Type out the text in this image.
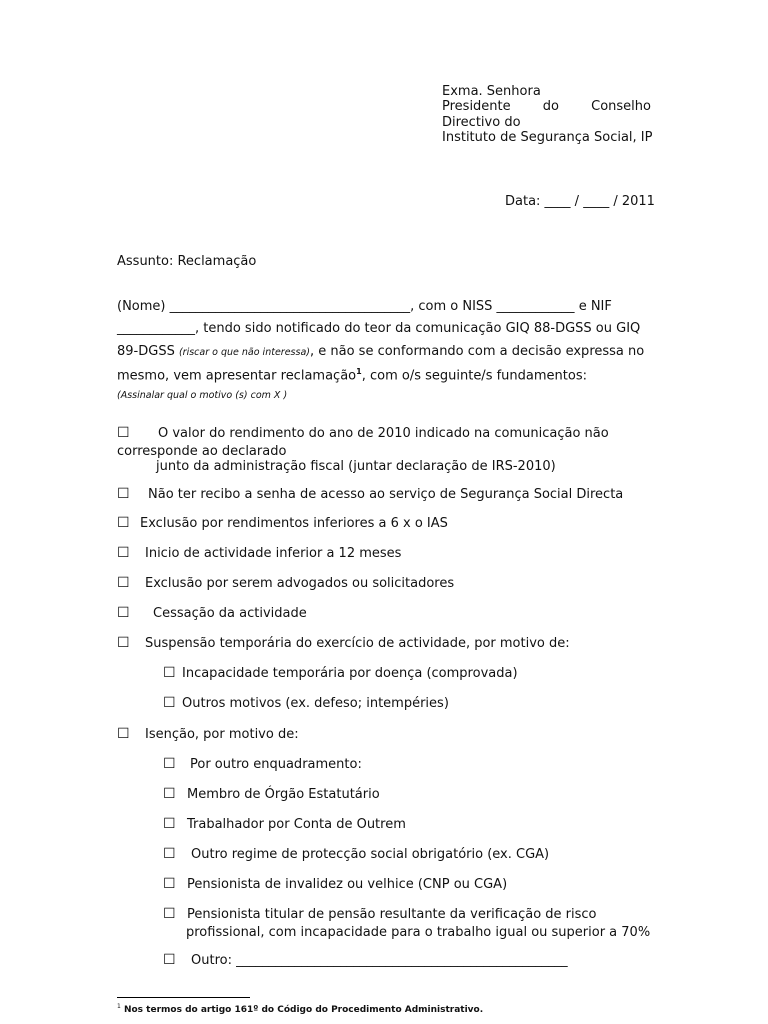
Exma. Senhora
Presidente do Conselho
Directivo do
Instituto de Segurança Social, IP
Data: ____ / ____ / 2011
Assunto: Reclamação
(Nome) _____________________________________, com o NISS ____________ e NIF
____________, tendo sido notificado do teor da comunicação GIQ 88-DGSS ou GIQ
89-DGSS (riscar o que não interessa), e não se conformando com a decisão expressa no
mesmo, vem apresentar reclamação$^1$, com o/s seguinte/s fundamentos:
(Assinalar qual o motivo (s) com X )
☐ O valor do rendimento do ano de 2010 indicado na comunicação não
corresponde ao declarado
junto da administração fiscal (juntar declaração de IRS-2010)
☐ Não ter recibo a senha de acesso ao serviço de Segurança Social Directa
☐ Exclusão por rendimentos inferiores a 6 x o IAS
☐ Inicio de actividade inferior a 12 meses
☐ Exclusão por serem advogados ou solicitadores
☐ Cessação da actividade
☐ Suspensão temporária do exercício de actividade, por motivo de:
☐ Incapacidade temporária por doença (comprovada)
☐ Outros motivos (ex. defeso; intempéries)
☐ Isenção, por motivo de:
☐ Por outro enquadramento:
☐ Membro de Órgão Estatutário
☐ Trabalhador por Conta de Outrem
☐ Outro regime de protecção social obrigatório (ex. CGA)
☐ Pensionista de invalidez ou velhice (CNP ou CGA)
☐ Pensionista titular de pensão resultante da verificação de risco
profissional, com incapacidade para o trabalho igual ou superior a 70%
☐ Outro: ___________________________________________________
$^1$ Nos termos do artigo 161º do Código do Procedimento Administrativo.
